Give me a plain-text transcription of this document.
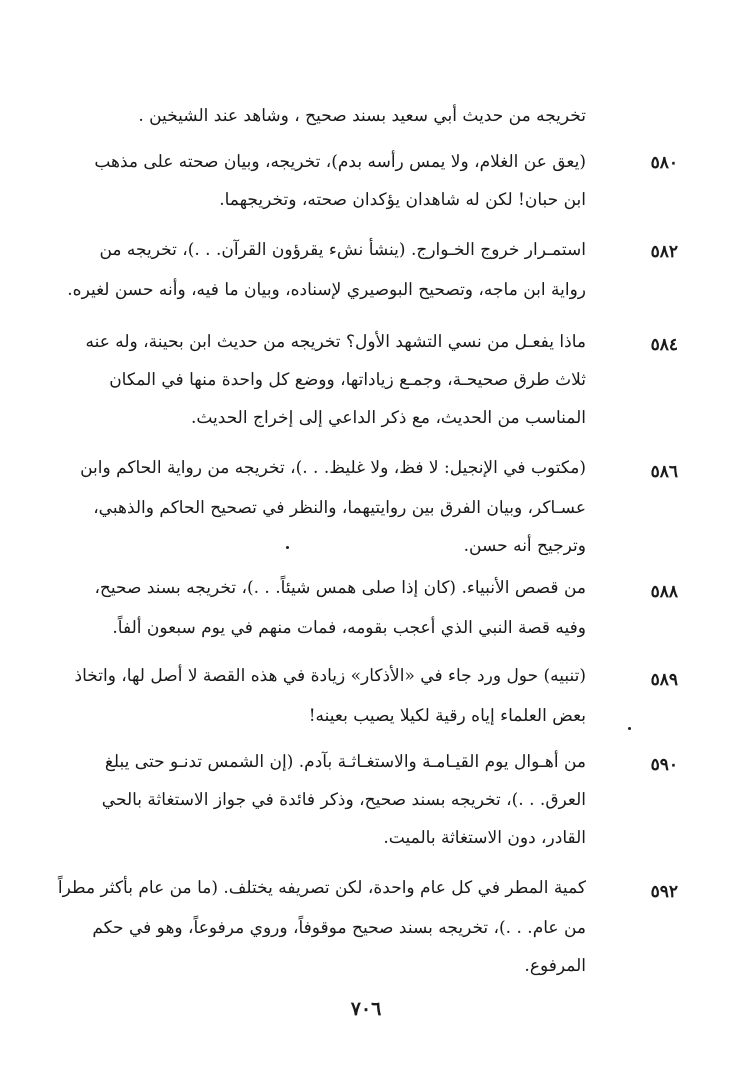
تخريجه من حديث أبي سعيد بسند صحيح ، وشاهد عند الشيخين .
٥٨٠
(يعق عن الغلام، ولا يمس رأسه بدم)، تخريجه، وبيان صحته على مذهب
ابن حبان! لكن له شاهدان يؤكدان صحته، وتخريجهما.
٥٨٢
استمـرار خروج الخـوارج. (ينشأ نشء يقرؤون القرآن. . .)، تخريجه من
رواية ابن ماجه، وتصحيح البوصيري لإسناده، وبيان ما فيه، وأنه حسن لغيره.
٥٨٤
ماذا يفعـل من نسي التشهد الأول؟ تخريجه من حديث ابن بحينة، وله عنه
ثلاث طرق صحيحـة، وجمـع زياداتها، ووضع كل واحدة منها في المكان
المناسب من الحديث، مع ذكر الداعي إلى إخراج الحديث.
٥٨٦
(مكتوب في الإنجيل: لا فظ، ولا غليظ. . .)، تخريجه من رواية الحاكم وابن
عسـاكر، وبيان الفرق بين روايتيهما، والنظر في تصحيح الحاكم والذهبي،
وترجيح أنه حسن.
٥٨٨
من قصص الأنبياء. (كان إذا صلى همس شيئاً. . .)، تخريجه بسند صحيح،
وفيه قصة النبي الذي أعجب بقومه، فمات منهم في يوم سبعون ألفاً.
٥٨٩
(تنبيه) حول ورد جاء في «الأذكار» زيادة في هذه القصة لا أصل لها، واتخاذ
بعض العلماء إياه رقية لكيلا يصيب بعينه!
٥٩٠
من أهـوال يوم القيـامـة والاستغـاثـة بآدم. (إن الشمس تدنـو حتى يبلغ
العرق. . .)، تخريجه بسند صحيح، وذكر فائدة في جواز الاستغاثة بالحي
القادر، دون الاستغاثة بالميت.
٥٩٢
كمية المطر في كل عام واحدة، لكن تصريفه يختلف. (ما من عام بأكثر مطراً
من عام. . .)، تخريجه بسند صحيح موقوفاً، وروي مرفوعاً، وهو في حكم
المرفوع.
٧٠٦
